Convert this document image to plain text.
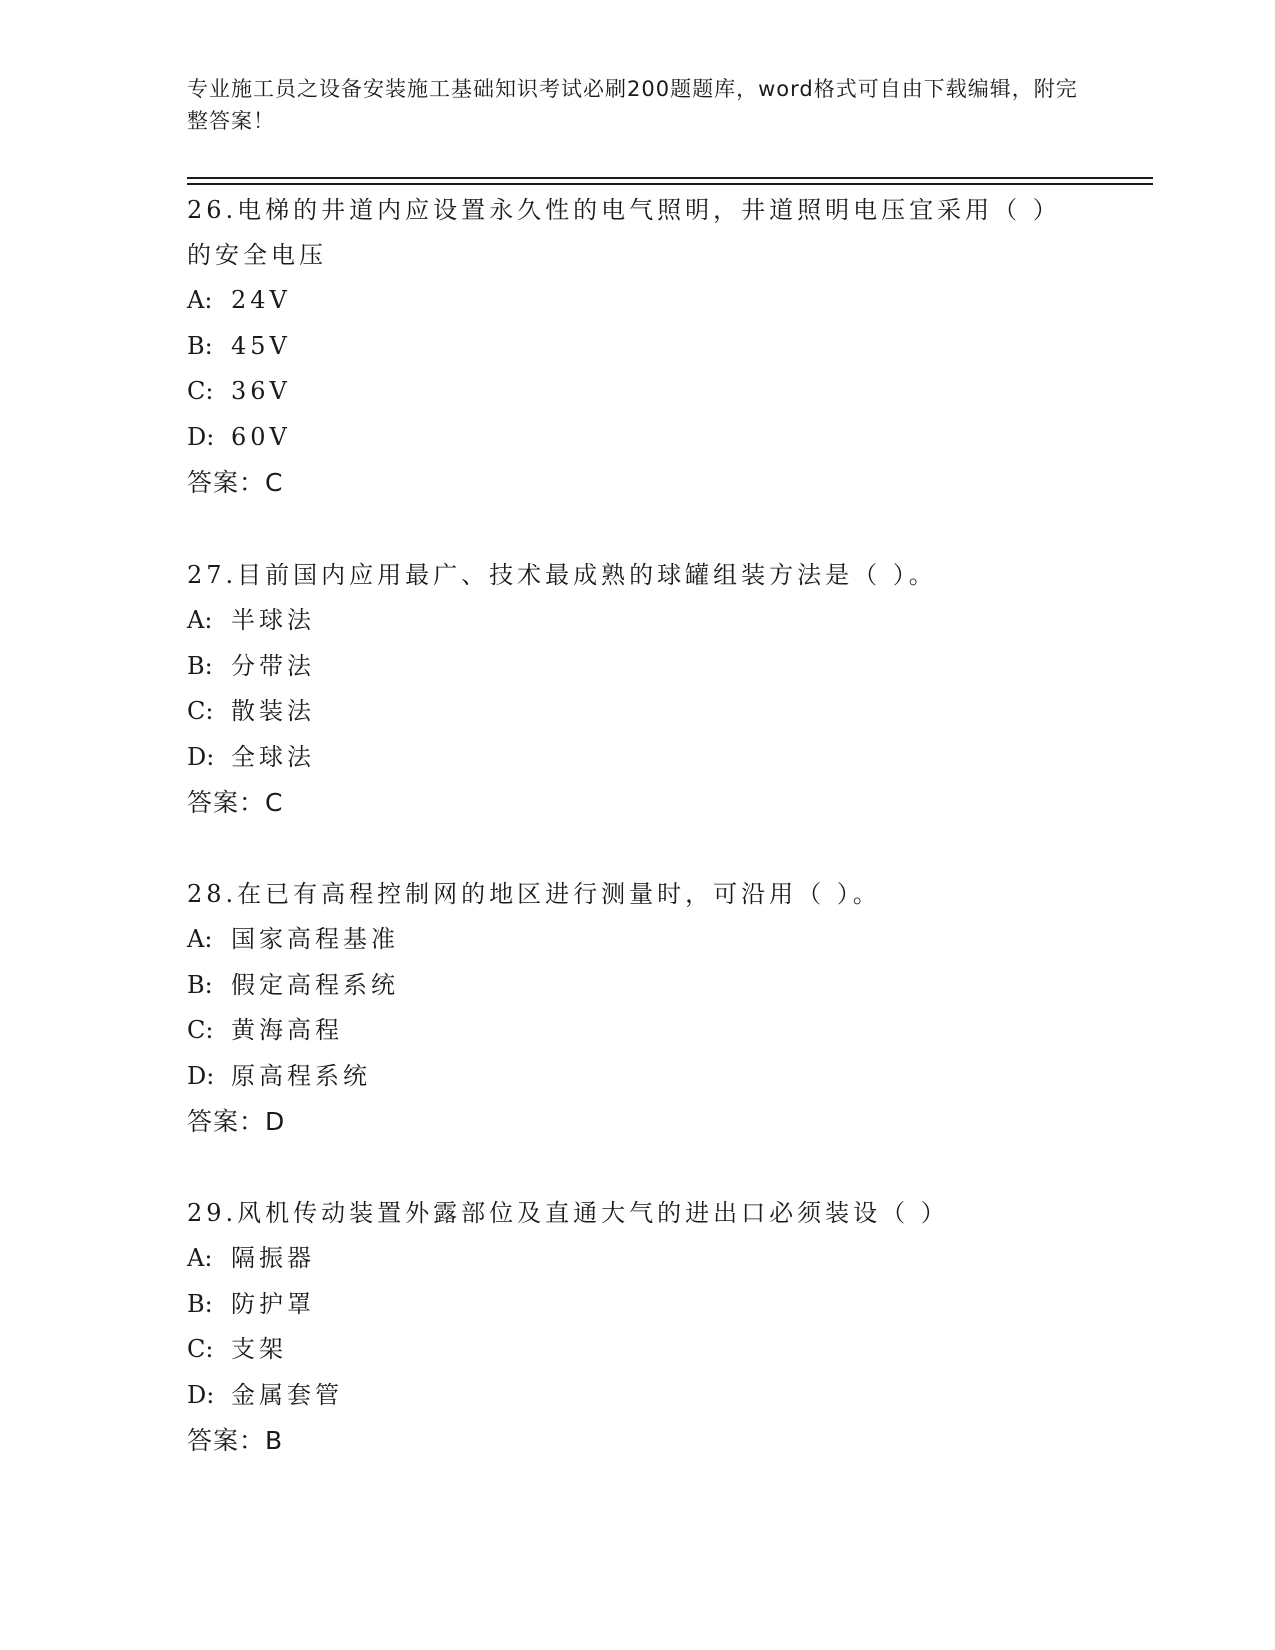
专业施工员之设备安装施工基础知识考试必刷200题题库，word格式可自由下载编辑，附完整答案！

26.电梯的井道内应设置永久性的电气照明，井道照明电压宜采用（ ）的安全电压

A: 24V

B: 45V

C: 36V

D: 60V

答案：C

27.目前国内应用最广、技术最成熟的球罐组装方法是（ ）。

A: 半球法

B: 分带法

C: 散装法

D: 全球法

答案：C

28.在已有高程控制网的地区进行测量时，可沿用（ ）。

A: 国家高程基准

B: 假定高程系统

C: 黄海高程

D: 原高程系统

答案：D

29.风机传动装置外露部位及直通大气的进出口必须装设（ ）

A: 隔振器

B: 防护罩

C: 支架

D: 金属套管

答案：B
